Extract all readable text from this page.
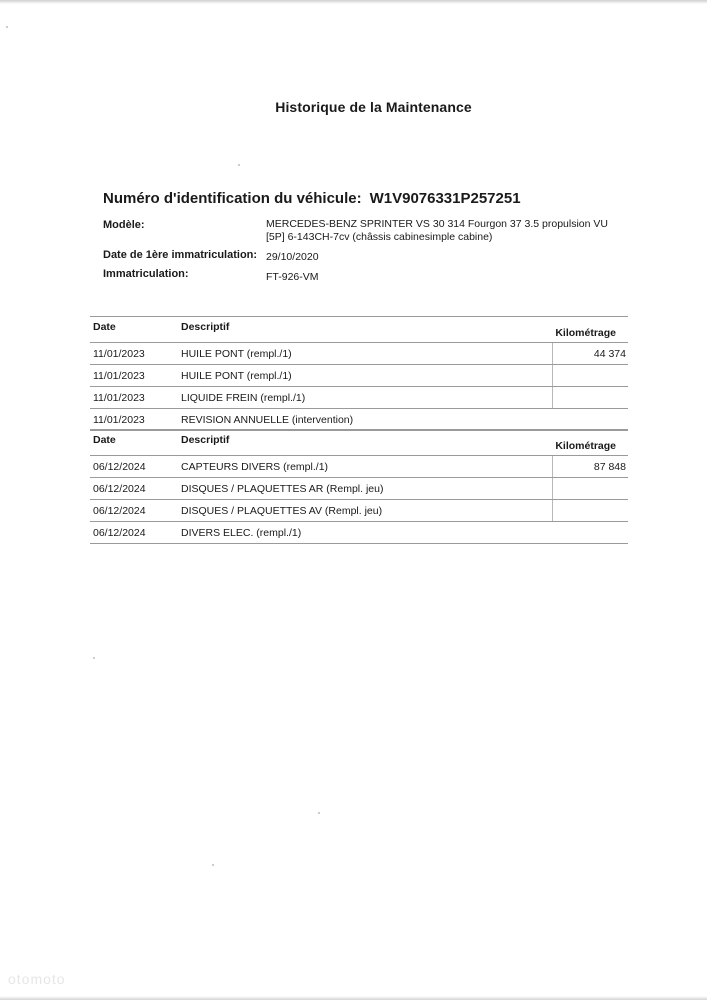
Historique de la Maintenance
Numéro d'identification du véhicule: W1V9076331P257251
Modèle:	MERCEDES-BENZ SPRINTER VS 30 314 Fourgon 37 3.5 propulsion VU
[5P] 6-143CH-7cv (châssis cabinesimple cabine)
Date de 1ère immatriculation: 29/10/2020
Immatriculation:	FT-926-VM
Date	Descriptif	Kilométrage
11/01/2023	HUILE PONT (rempl./1)	44 374
11/01/2023	HUILE PONT (rempl./1)
11/01/2023	LIQUIDE FREIN (rempl./1)
11/01/2023	REVISION ANNUELLE (intervention)
Date	Descriptif	Kilométrage
06/12/2024	CAPTEURS DIVERS (rempl./1)	87 848
06/12/2024	DISQUES / PLAQUETTES AR (Rempl. jeu)
06/12/2024	DISQUES / PLAQUETTES AV (Rempl. jeu)
06/12/2024	DIVERS ELEC. (rempl./1)
otomoto
